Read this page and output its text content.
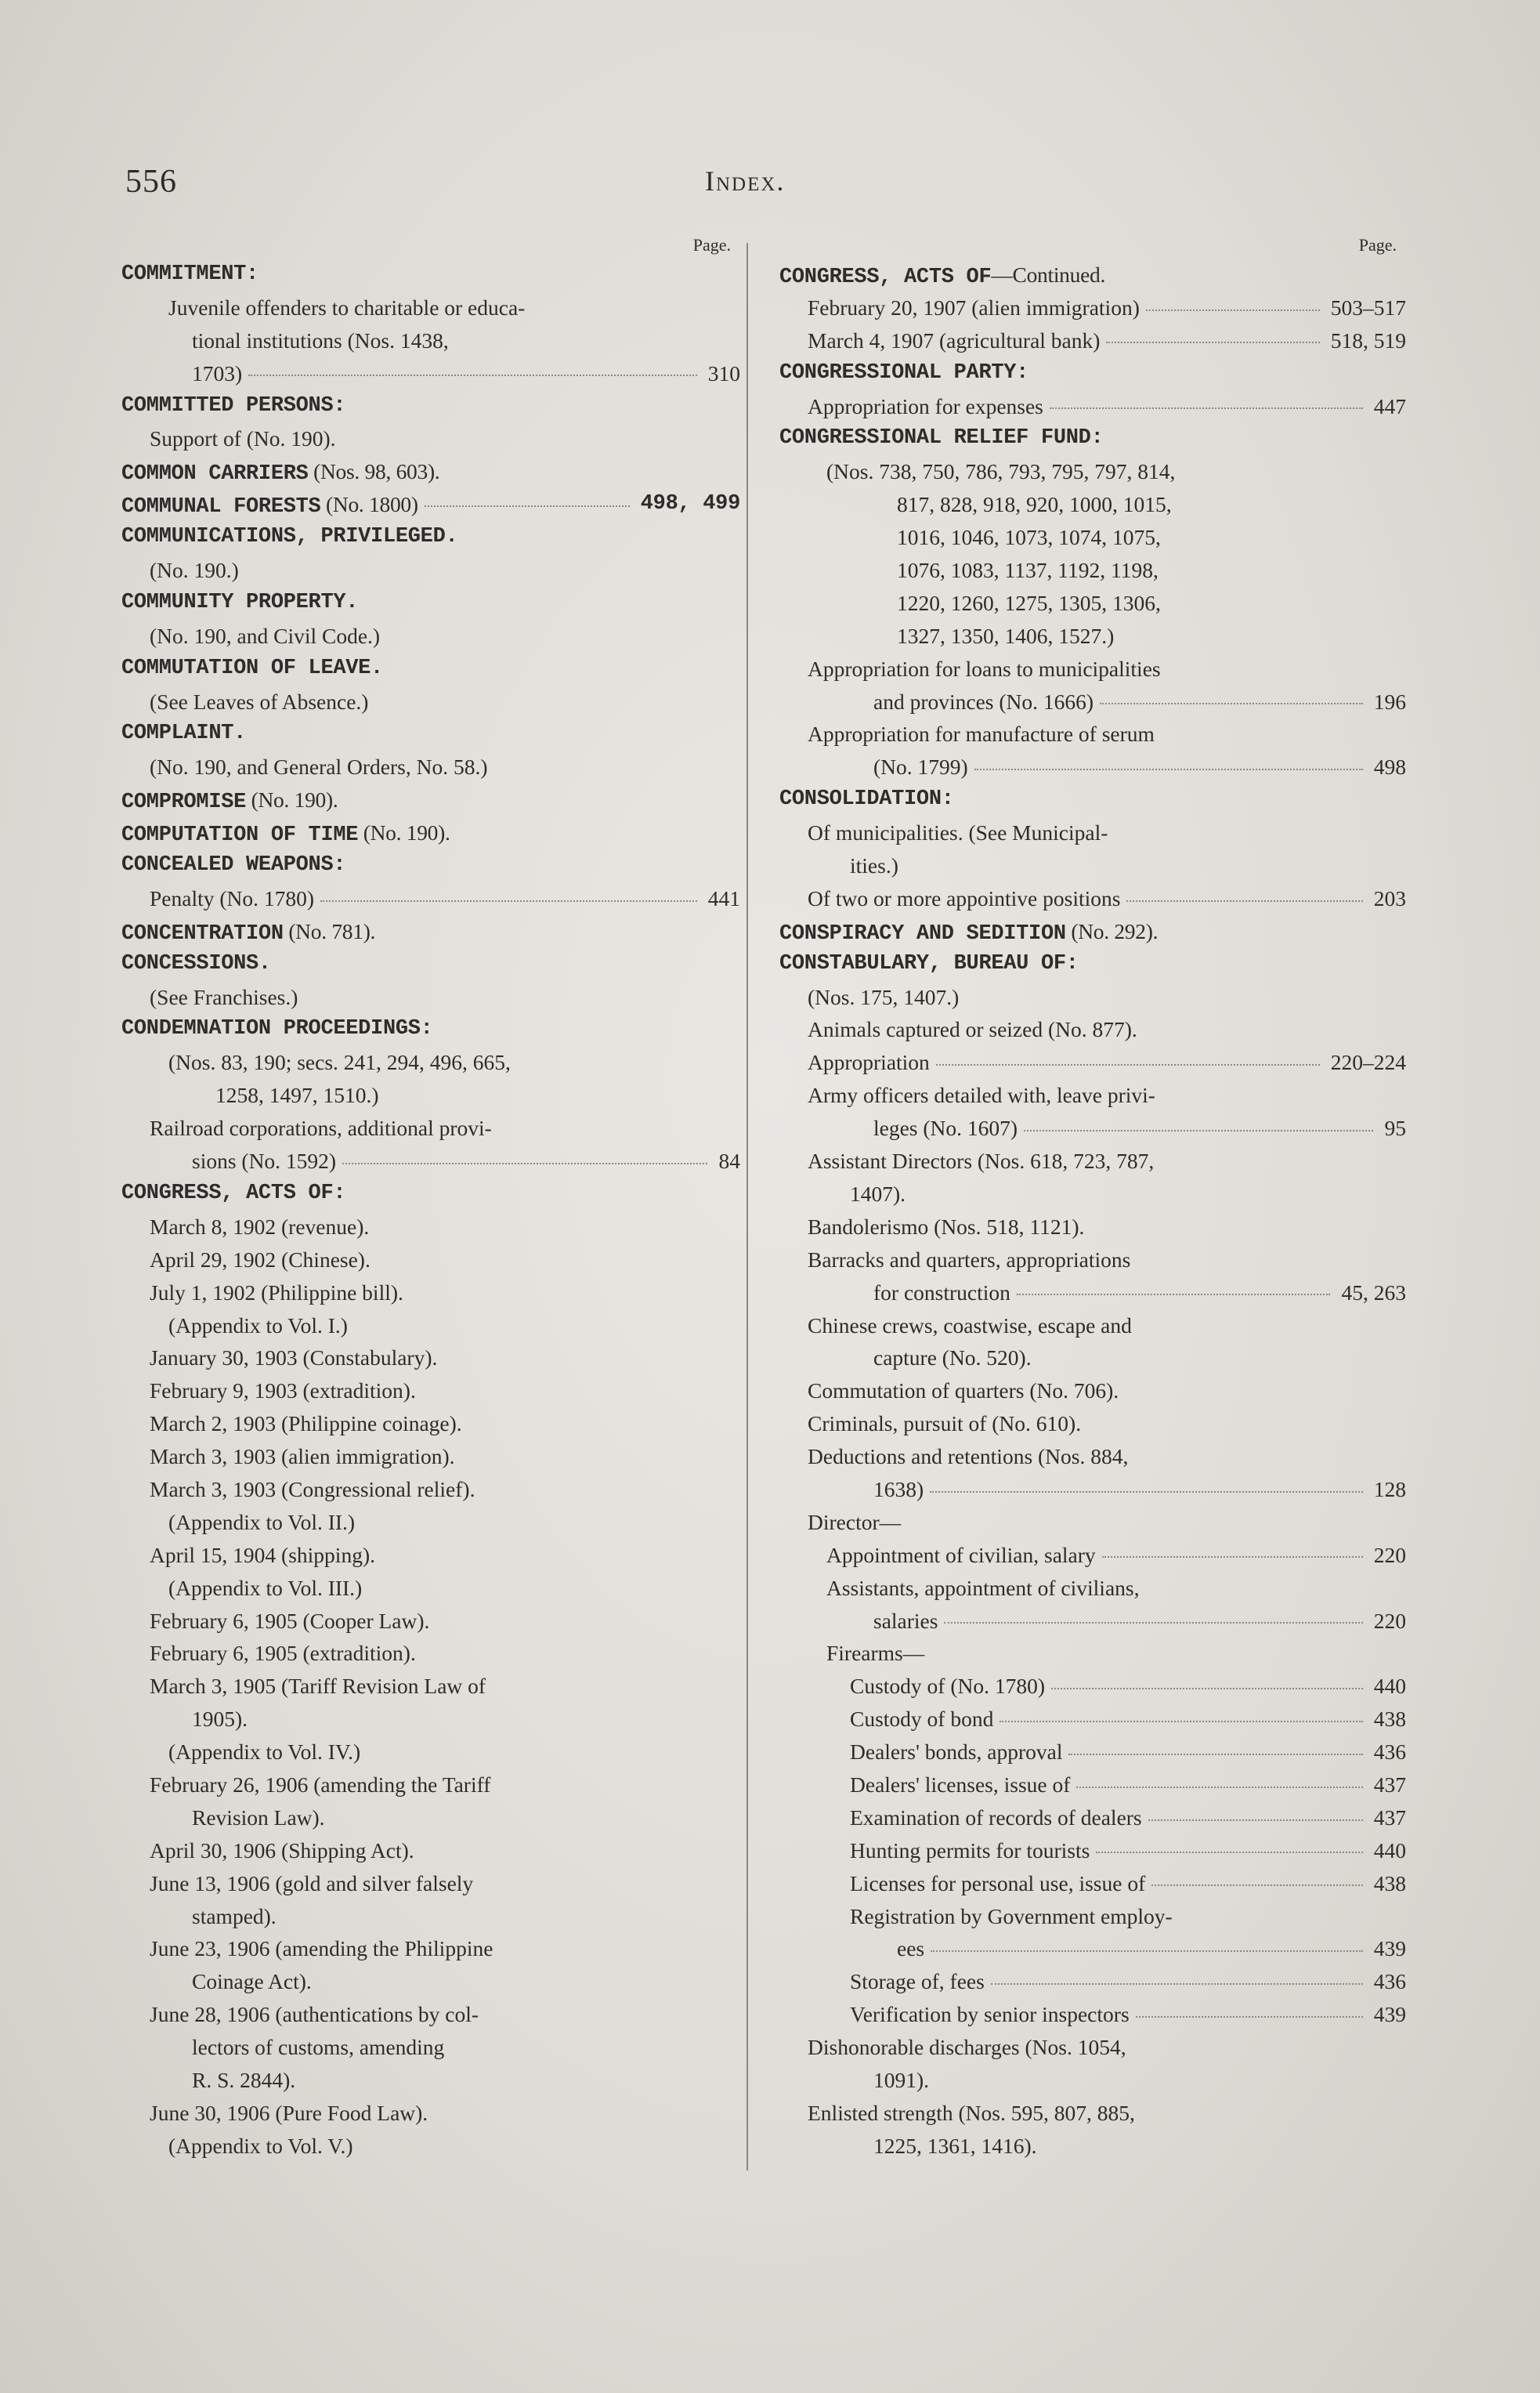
556	Index.
Page.
COMMITMENT:
Juvenile offenders to charitable or educa-
tional institutions (Nos. 1438,
1703)	310
COMMITTED PERSONS:
Support of (No. 190).
COMMON CARRIERS (Nos. 98, 603).
COMMUNAL FORESTS (No. 1800)	498, 499
COMMUNICATIONS, PRIVILEGED.
(No. 190.)
COMMUNITY PROPERTY.
(No. 190, and Civil Code.)
COMMUTATION OF LEAVE.
(See Leaves of Absence.)
COMPLAINT.
(No. 190, and General Orders, No. 58.)
COMPROMISE (No. 190).
COMPUTATION OF TIME (No. 190).
CONCEALED WEAPONS:
Penalty (No. 1780)	441
CONCENTRATION (No. 781).
CONCESSIONS.
(See Franchises.)
CONDEMNATION PROCEEDINGS:
(Nos. 83, 190; secs. 241, 294, 496, 665,
1258, 1497, 1510.)
Railroad corporations, additional provi-
sions (No. 1592)	84
CONGRESS, ACTS OF:
March 8, 1902 (revenue).
April 29, 1902 (Chinese).
July 1, 1902 (Philippine bill).
(Appendix to Vol. I.)
January 30, 1903 (Constabulary).
February 9, 1903 (extradition).
March 2, 1903 (Philippine coinage).
March 3, 1903 (alien immigration).
March 3, 1903 (Congressional relief).
(Appendix to Vol. II.)
April 15, 1904 (shipping).
(Appendix to Vol. III.)
February 6, 1905 (Cooper Law).
February 6, 1905 (extradition).
March 3, 1905 (Tariff Revision Law of
1905).
(Appendix to Vol. IV.)
February 26, 1906 (amending the Tariff
Revision Law).
April 30, 1906 (Shipping Act).
June 13, 1906 (gold and silver falsely
stamped).
June 23, 1906 (amending the Philippine
Coinage Act).
June 28, 1906 (authentications by col-
lectors of customs, amending
R. S. 2844).
June 30, 1906 (Pure Food Law).
(Appendix to Vol. V.)
Page.
CONGRESS, ACTS OF—Continued.
February 20, 1907 (alien immigration)	503–517
March 4, 1907 (agricultural bank)	518, 519
CONGRESSIONAL PARTY:
Appropriation for expenses	447
CONGRESSIONAL RELIEF FUND:
(Nos. 738, 750, 786, 793, 795, 797, 814,
817, 828, 918, 920, 1000, 1015,
1016, 1046, 1073, 1074, 1075,
1076, 1083, 1137, 1192, 1198,
1220, 1260, 1275, 1305, 1306,
1327, 1350, 1406, 1527.)
Appropriation for loans to municipalities
and provinces (No. 1666)	196
Appropriation for manufacture of serum
(No. 1799)	498
CONSOLIDATION:
Of municipalities. (See Municipal-
ities.)
Of two or more appointive positions	203
CONSPIRACY AND SEDITION (No. 292).
CONSTABULARY, BUREAU OF:
(Nos. 175, 1407.)
Animals captured or seized (No. 877).
Appropriation	220–224
Army officers detailed with, leave privi-
leges (No. 1607)	95
Assistant Directors (Nos. 618, 723, 787,
1407).
Bandolerismo (Nos. 518, 1121).
Barracks and quarters, appropriations
for construction	45, 263
Chinese crews, coastwise, escape and
capture (No. 520).
Commutation of quarters (No. 706).
Criminals, pursuit of (No. 610).
Deductions and retentions (Nos. 884,
1638)	128
Director—
Appointment of civilian, salary	220
Assistants, appointment of civilians,
salaries	220
Firearms—
Custody of (No. 1780)	440
Custody of bond	438
Dealers' bonds, approval	436
Dealers' licenses, issue of	437
Examination of records of dealers	437
Hunting permits for tourists	440
Licenses for personal use, issue of	438
Registration by Government employ-
ees	439
Storage of, fees	436
Verification by senior inspectors	439
Dishonorable discharges (Nos. 1054,
1091).
Enlisted strength (Nos. 595, 807, 885,
1225, 1361, 1416).
